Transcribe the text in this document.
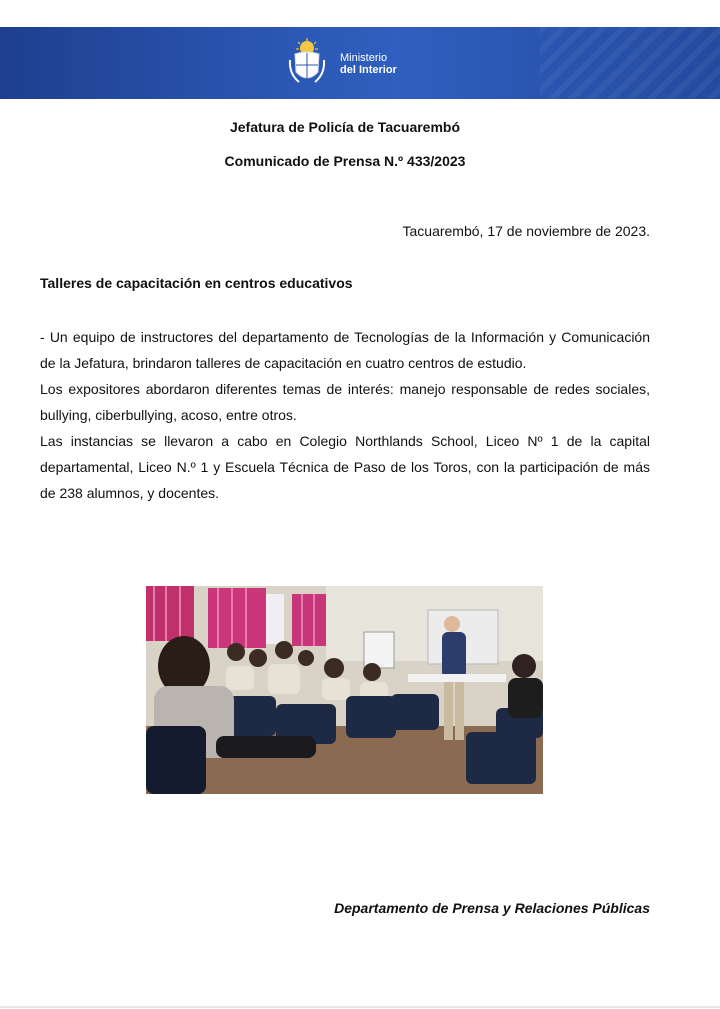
Ministerio
del Interior
Jefatura de Policía de Tacuarembó
Comunicado de Prensa N.º 433/2023
Tacuarembó, 17 de noviembre de 2023.
Talleres de capacitación en centros educativos

- Un equipo de instructores del departamento de Tecnologías de la Información y Comunicación de la Jefatura, brindaron talleres de capacitación en cuatro centros de estudio.

Los expositores abordaron diferentes temas de interés: manejo responsable de redes sociales, bullying, ciberbullying, acoso, entre otros.

Las instancias se llevaron a cabo en Colegio Northlands School, Liceo Nº 1 de la capital departamental, Liceo N.º 1 y Escuela Técnica de Paso de los Toros, con la participación de más de 238 alumnos, y docentes.

Departamento de Prensa y Relaciones Públicas
